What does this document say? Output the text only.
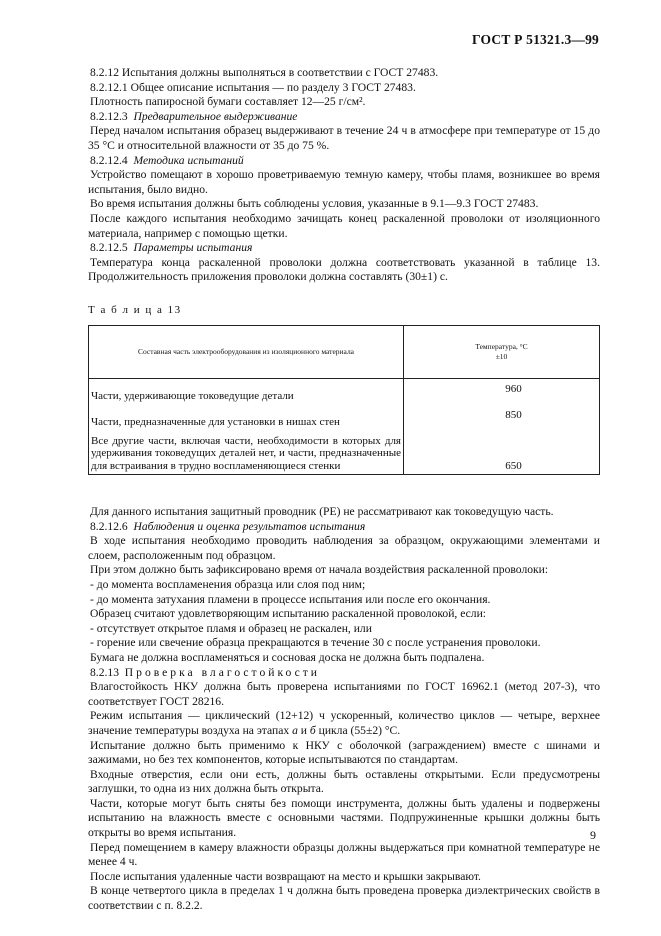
ГОСТ Р 51321.3—99

8.2.12 Испытания должны выполняться в соответствии с ГОСТ 27483.

8.2.12.1 Общее описание испытания — по разделу 3 ГОСТ 27483.

Плотность папиросной бумаги составляет 12—25 г/см².

8.2.12.3 Предварительное выдерживание

Перед началом испытания образец выдерживают в течение 24 ч в атмосфере при температуре от 15 до 35 °С и относительной влажности от 35 до 75 %.

8.2.12.4 Методика испытаний

Устройство помещают в хорошо проветриваемую темную камеру, чтобы пламя, возникшее во время испытания, было видно.

Во время испытания должны быть соблюдены условия, указанные в 9.1—9.3 ГОСТ 27483.

После каждого испытания необходимо зачищать конец раскаленной проволоки от изоляционного материала, например с помощью щетки.

8.2.12.5 Параметры испытания

Температура конца раскаленной проволоки должна соответствовать указанной в таблице 13. Продолжительность приложения проволоки должна составлять (30±1) с.

Т а б л и ц а 13
Составная часть электрооборудования из изоляционного материала	Температура, °С
±10
Части, удерживающие токоведущие детали	960
Части, предназначенные для установки в нишах стен	850
Все другие части, включая части, необходимости в которых для удерживания токоведущих деталей нет, и части, предназначенные для встраивания в трудно воспламеняющиеся стенки	650

Для данного испытания защитный проводник (РЕ) не рассматривают как токоведущую часть.

8.2.12.6 Наблюдения и оценка результатов испытания

В ходе испытания необходимо проводить наблюдения за образцом, окружающими элементами и слоем, расположенным под образцом.

При этом должно быть зафиксировано время от начала воздействия раскаленной проволоки:

- до момента воспламенения образца или слоя под ним;

- до момента затухания пламени в процессе испытания или после его окончания.

Образец считают удовлетворяющим испытанию раскаленной проволокой, если:

- отсутствует открытое пламя и образец не раскален, или

- горение или свечение образца прекращаются в течение 30 с после устранения проволоки.

Бумага не должна воспламеняться и сосновая доска не должна быть подпалена.

8.2.13 Проверка влагостойкости

Влагостойкость НКУ должна быть проверена испытаниями по ГОСТ 16962.1 (метод 207-3), что соответствует ГОСТ 28216.

Режим испытания — циклический (12+12) ч ускоренный, количество циклов — четыре, верхнее значение температуры воздуха на этапах а и б цикла (55±2) °С.

Испытание должно быть применимо к НКУ с оболочкой (заграждением) вместе с шинами и зажимами, но без тех компонентов, которые испытываются по стандартам.

Входные отверстия, если они есть, должны быть оставлены открытыми. Если предусмотрены заглушки, то одна из них должна быть открыта.

Части, которые могут быть сняты без помощи инструмента, должны быть удалены и подвержены испытанию на влажность вместе с основными частями. Подпружиненные крышки должны быть открыты во время испытания.

Перед помещением в камеру влажности образцы должны выдержаться при комнатной температуре не менее 4 ч.

После испытания удаленные части возвращают на место и крышки закрывают.

В конце четвертого цикла в пределах 1 ч должна быть проведена проверка диэлектрических свойств в соответствии с п. 8.2.2.

9
